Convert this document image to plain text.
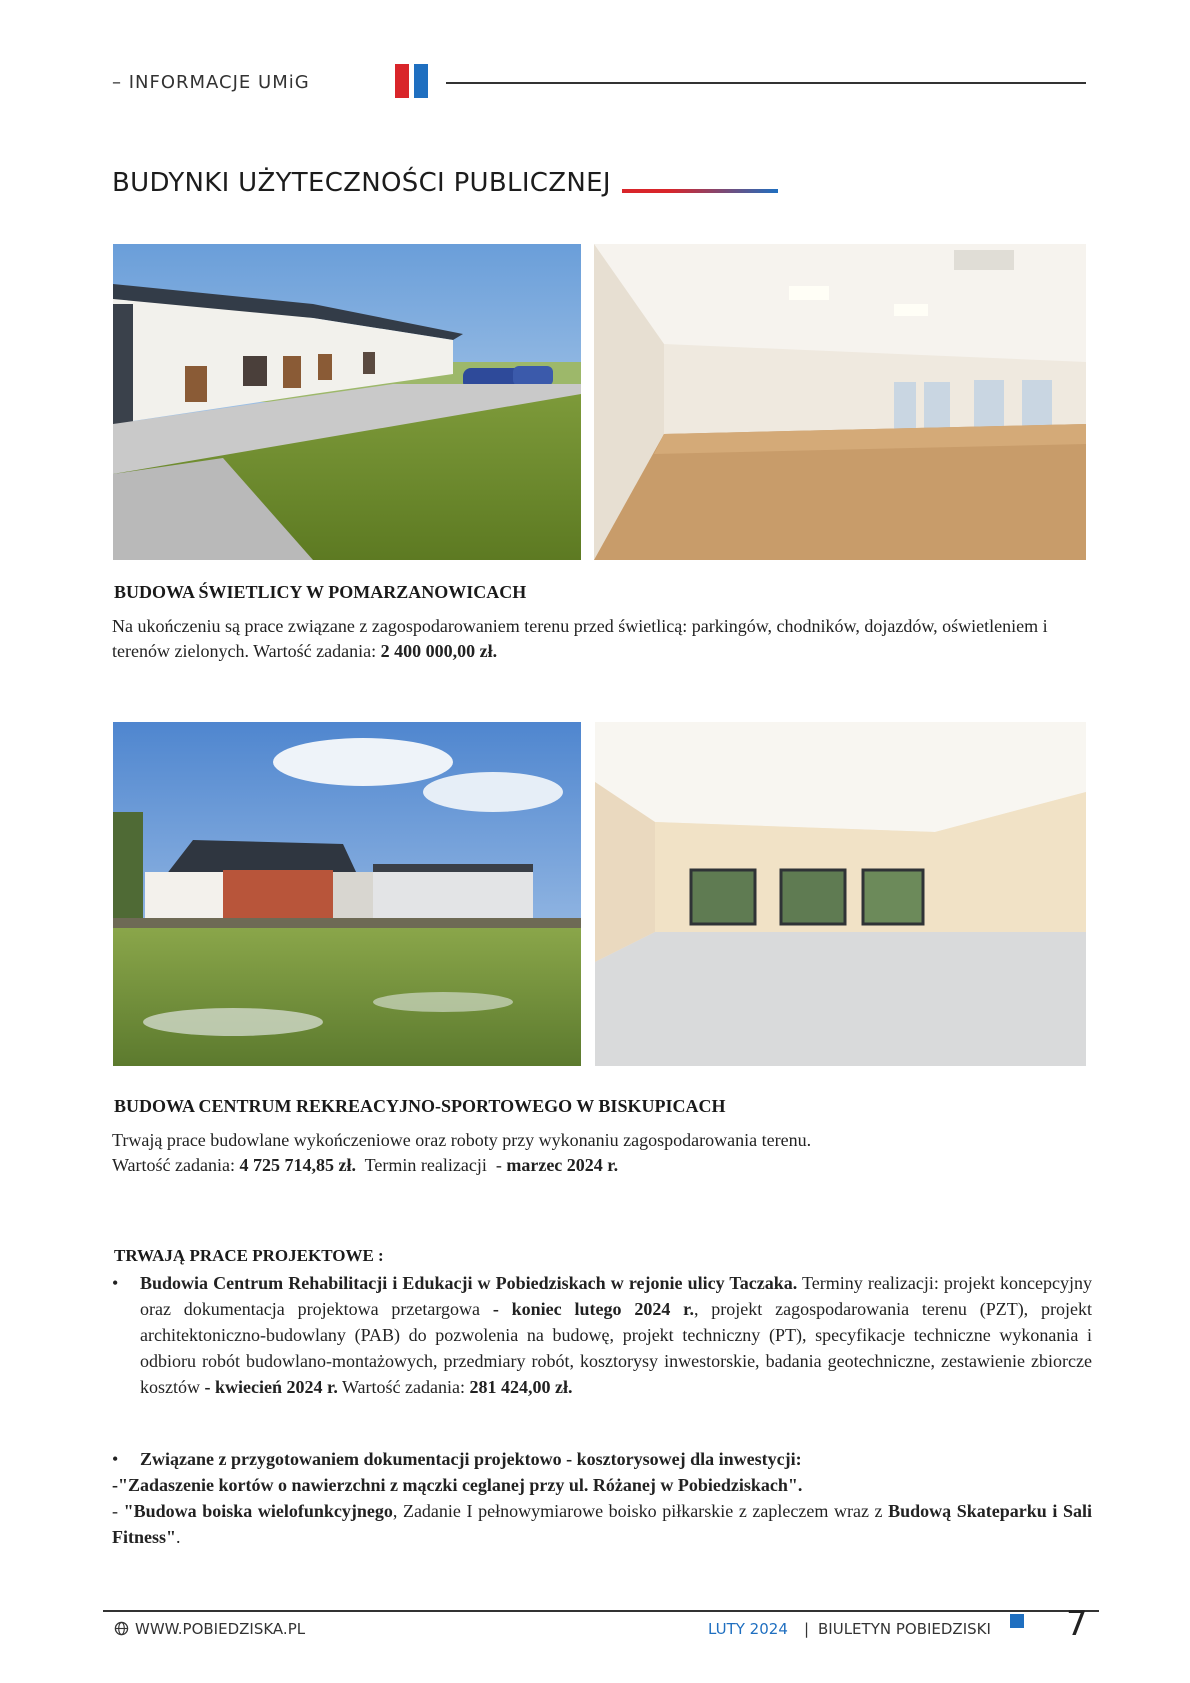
– INFORMACJE UMiG
BUDYNKI UŻYTECZNOŚCI PUBLICZNEJ
BUDOWA ŚWIETLICY W POMARZANOWICACH
Na ukończeniu są prace związane z zagospodarowaniem terenu przed świetlicą: parkingów, chodników, dojazdów, oświetleniem i terenów zielonych. Wartość zadania: 2 400 000,00 zł.
BUDOWA CENTRUM REKREACYJNO-SPORTOWEGO W BISKUPICACH
Trwają prace budowlane wykończeniowe oraz roboty przy wykonaniu zagospodarowania terenu.
Wartość zadania: 4 725 714,85 zł.  Termin realizacji  - marzec 2024 r.
TRWAJĄ PRACE PROJEKTOWE :
•	Budowia Centrum Rehabilitacji i Edukacji w Pobiedziskach w rejonie ulicy Taczaka. Terminy realizacji: projekt koncepcyjny oraz dokumentacja projektowa przetargowa - koniec lutego 2024 r., projekt zagospodarowania terenu (PZT), projekt architektoniczno-budowlany (PAB) do pozwolenia na budowę, projekt techniczny (PT), specyfikacje techniczne wykonania i odbioru robót budowlano-montażowych, przedmiary robót, kosztorysy inwestorskie, badania geotechniczne, zestawienie zbiorcze kosztów - kwiecień 2024 r. Wartość zadania: 281 424,00 zł.
•	Związane z przygotowaniem dokumentacji projektowo - kosztorysowej dla inwestycji:
-"Zadaszenie kortów o nawierzchni z mączki ceglanej przy ul. Różanej w Pobiedziskach".
- "Budowa boiska wielofunkcyjnego, Zadanie I pełnowymiarowe boisko piłkarskie z zapleczem wraz z Budową Skateparku i Sali Fitness".
WWW.POBIEDZISKA.PL	LUTY 2024 | BIULETYN POBIEDZISKI 7
